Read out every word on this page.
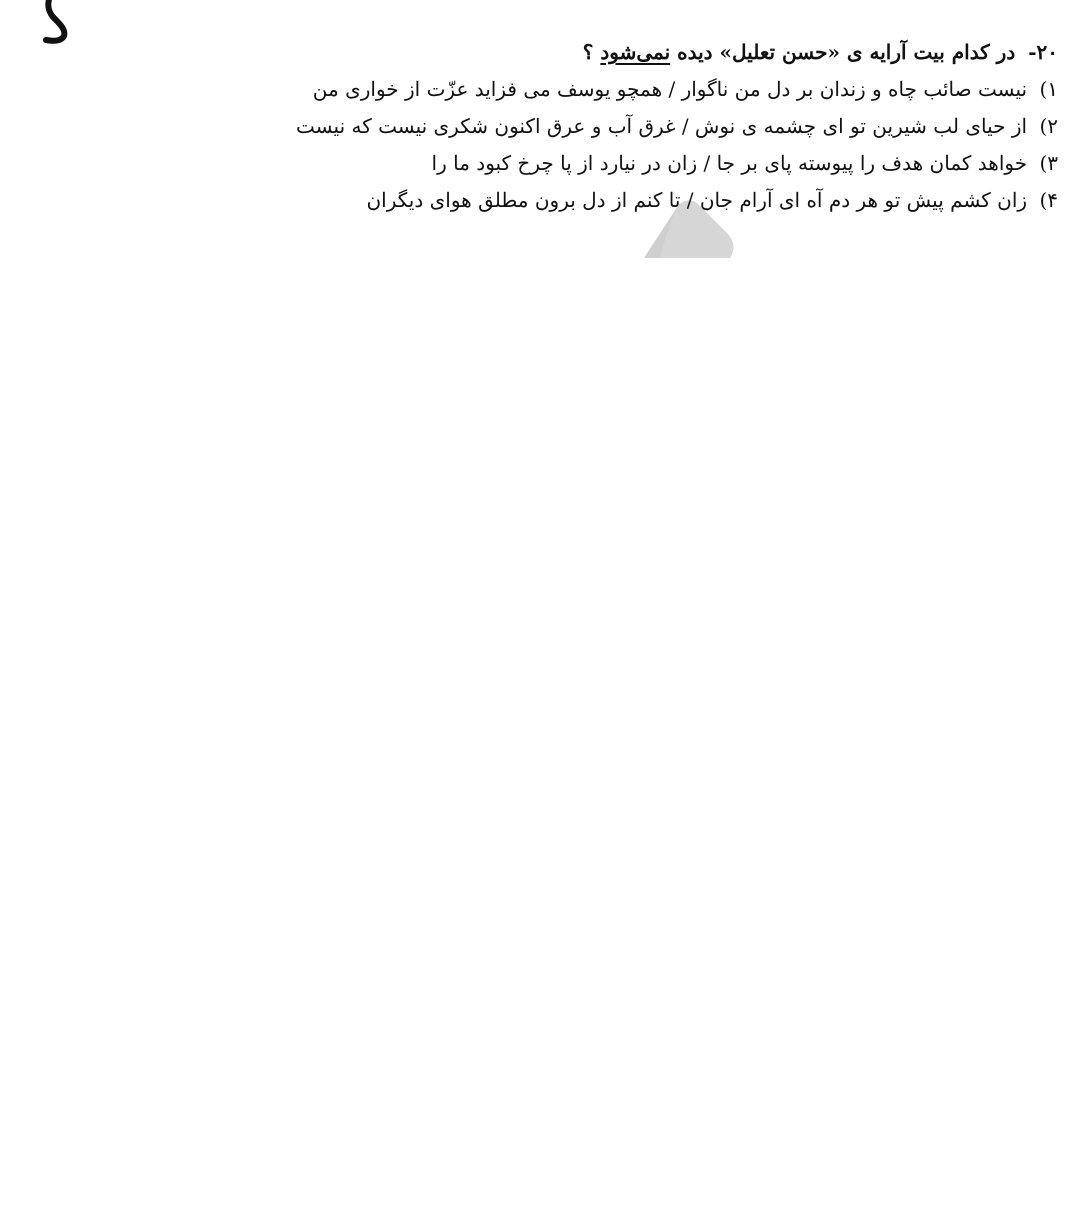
۲۰- در کدام بیت آرایه ی «حسن تعلیل» دیده نمی‌شود ؟
۱) نیست صائب چاه و زندان بر دل من ناگوار / همچو یوسف می فزاید عزّت از خواری من
۲) از حیای لب شیرین تو ای چشمه ی نوش / غرق آب و عرق اکنون شکری نیست که نیست
۳) خواهد کمان هدف را پیوسته پای بر جا / زان در نیارد از پا چرخ کبود ما را
۴) زان کشم پیش تو هر دم آه ای آرام جان / تا کنم از دل برون مطلق هوای دیگران
